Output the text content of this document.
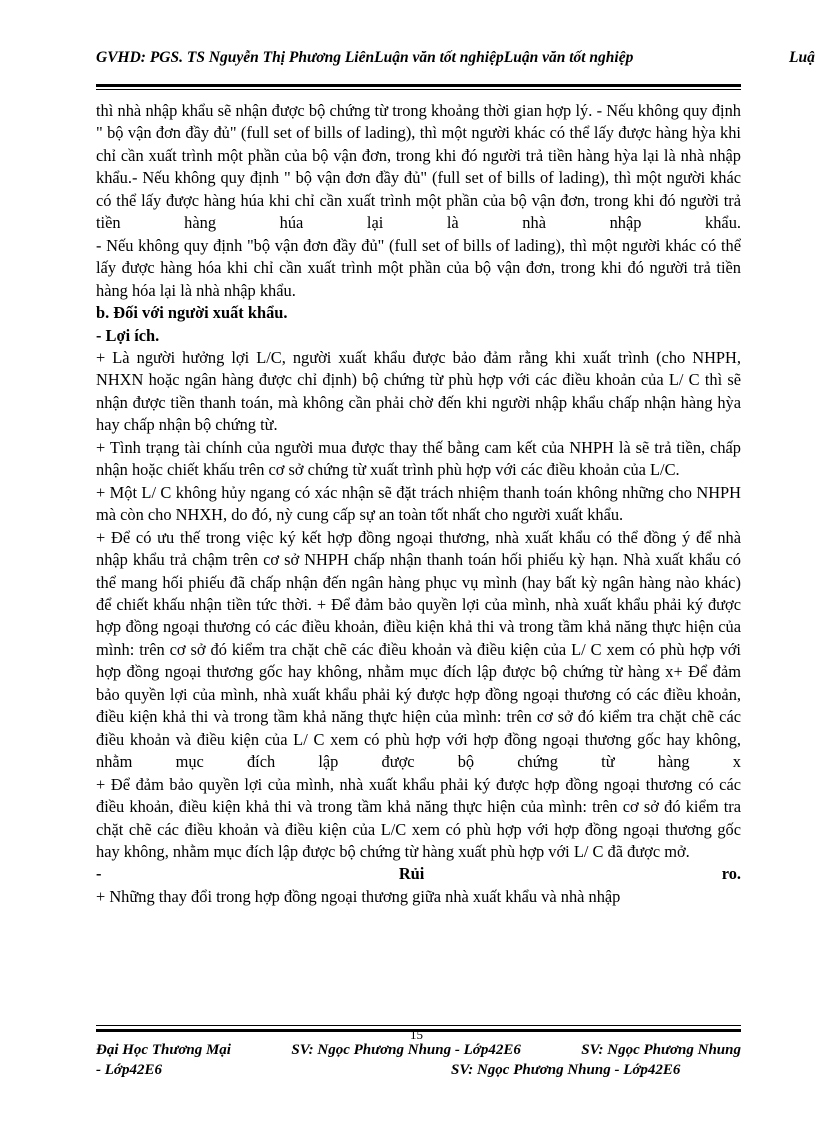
GVHD: PGS. TS Nguyễn Thị Phương LiênLuận văn tốt nghiệpLuận văn tốt nghiệp	Luậ

thì nhà nhập khẩu sẽ nhận được bộ chứng từ trong khoảng thời gian hợp lý. - Nếu không quy định " bộ vận đơn đầy đủ" (full set of bills of lading), thì một người khác có thể lấy được hàng hỳa khi chỉ cần xuất trình một phần của bộ vận đơn, trong khi đó người trả tiền hàng hỳa lại là nhà nhập khẩu.- Nếu không quy định " bộ vận đơn đầy đủ" (full set of bills of lading), thì một người khác có thể lấy được hàng húa khi chỉ cần xuất trình một phần của bộ vận đơn, trong khi đó người trả tiền hàng húa lại là nhà nhập khẩu.

- Nếu không quy định "bộ vận đơn đầy đủ" (full set of bills of lading), thì một người khác có thể lấy được hàng hóa khi chỉ cần xuất trình một phần của bộ vận đơn, trong khi đó người trả tiền hàng hóa lại là nhà nhập khẩu.

b. Đối với người xuất khẩu.

- Lợi ích.

+ Là người hưởng lợi L/C, người xuất khẩu được bảo đảm rằng khi xuất trình (cho NHPH, NHXN hoặc ngân hàng được chỉ định) bộ chứng từ phù hợp với các điều khoản của L/ C thì sẽ nhận được tiền thanh toán, mà không cần phải chờ đến khi người nhập khẩu chấp nhận hàng hỳa hay chấp nhận bộ chứng từ.

+ Tình trạng tài chính của người mua được thay thế bằng cam kết của NHPH là sẽ trả tiền, chấp nhận hoặc chiết khấu trên cơ sở chứng từ xuất trình phù hợp với các điều khoản của L/C.

+ Một L/ C không hủy ngang có xác nhận sẽ đặt trách nhiệm thanh toán không những cho NHPH mà còn cho NHXH, do đó, nỳ cung cấp sự an toàn tốt nhất cho người xuất khẩu.

+ Để có ưu thế trong việc ký kết hợp đồng ngoại thương, nhà xuất khẩu có thể đồng ý để nhà nhập khẩu trả chậm trên cơ sở NHPH chấp nhận thanh toán hối phiếu kỳ hạn. Nhà xuất khẩu có thể mang hối phiếu đã chấp nhận đến ngân hàng phục vụ mình (hay bất kỳ ngân hàng nào khác) để chiết khấu nhận tiền tức thời. + Để đảm bảo quyền lợi của mình, nhà xuất khẩu phải ký được hợp đồng ngoại thương có các điều khoản, điều kiện khả thi và trong tầm khả năng thực hiện của mình: trên cơ sở đó kiểm tra chặt chẽ các điều khoản và điều kiện của L/ C xem có phù hợp với hợp đồng ngoại thương gốc hay không, nhằm mục đích lập được bộ chứng từ hàng x+ Để đảm bảo quyền lợi của mình, nhà xuất khẩu phải ký được hợp đồng ngoại thương có các điều khoản, điều kiện khả thi và trong tầm khả năng thực hiện của mình: trên cơ sở đó kiểm tra chặt chẽ các điều khoản và điều kiện của L/ C xem có phù hợp với hợp đồng ngoại thương gốc hay không, nhằm mục đích lập được bộ chứng từ hàng x

+ Để đảm bảo quyền lợi của mình, nhà xuất khẩu phải ký được hợp đồng ngoại thương có các điều khoản, điều kiện khả thi và trong tầm khả năng thực hiện của mình: trên cơ sở đó kiểm tra chặt chẽ các điều khoản và điều kiện của L/C xem có phù hợp với hợp đồng ngoại thương gốc hay không, nhằm mục đích lập được bộ chứng từ hàng xuất phù hợp với L/ C đã được mở.

- Rủi ro.

+ Những thay đổi trong hợp đồng ngoại thương giữa nhà xuất khẩu và nhà nhập

15
Đại Học Thương Mại	SV: Ngọc Phương Nhung - Lớp42E6	SV: Ngọc Phương Nhung
- Lớp42E6	SV: Ngọc Phương Nhung - Lớp42E6
